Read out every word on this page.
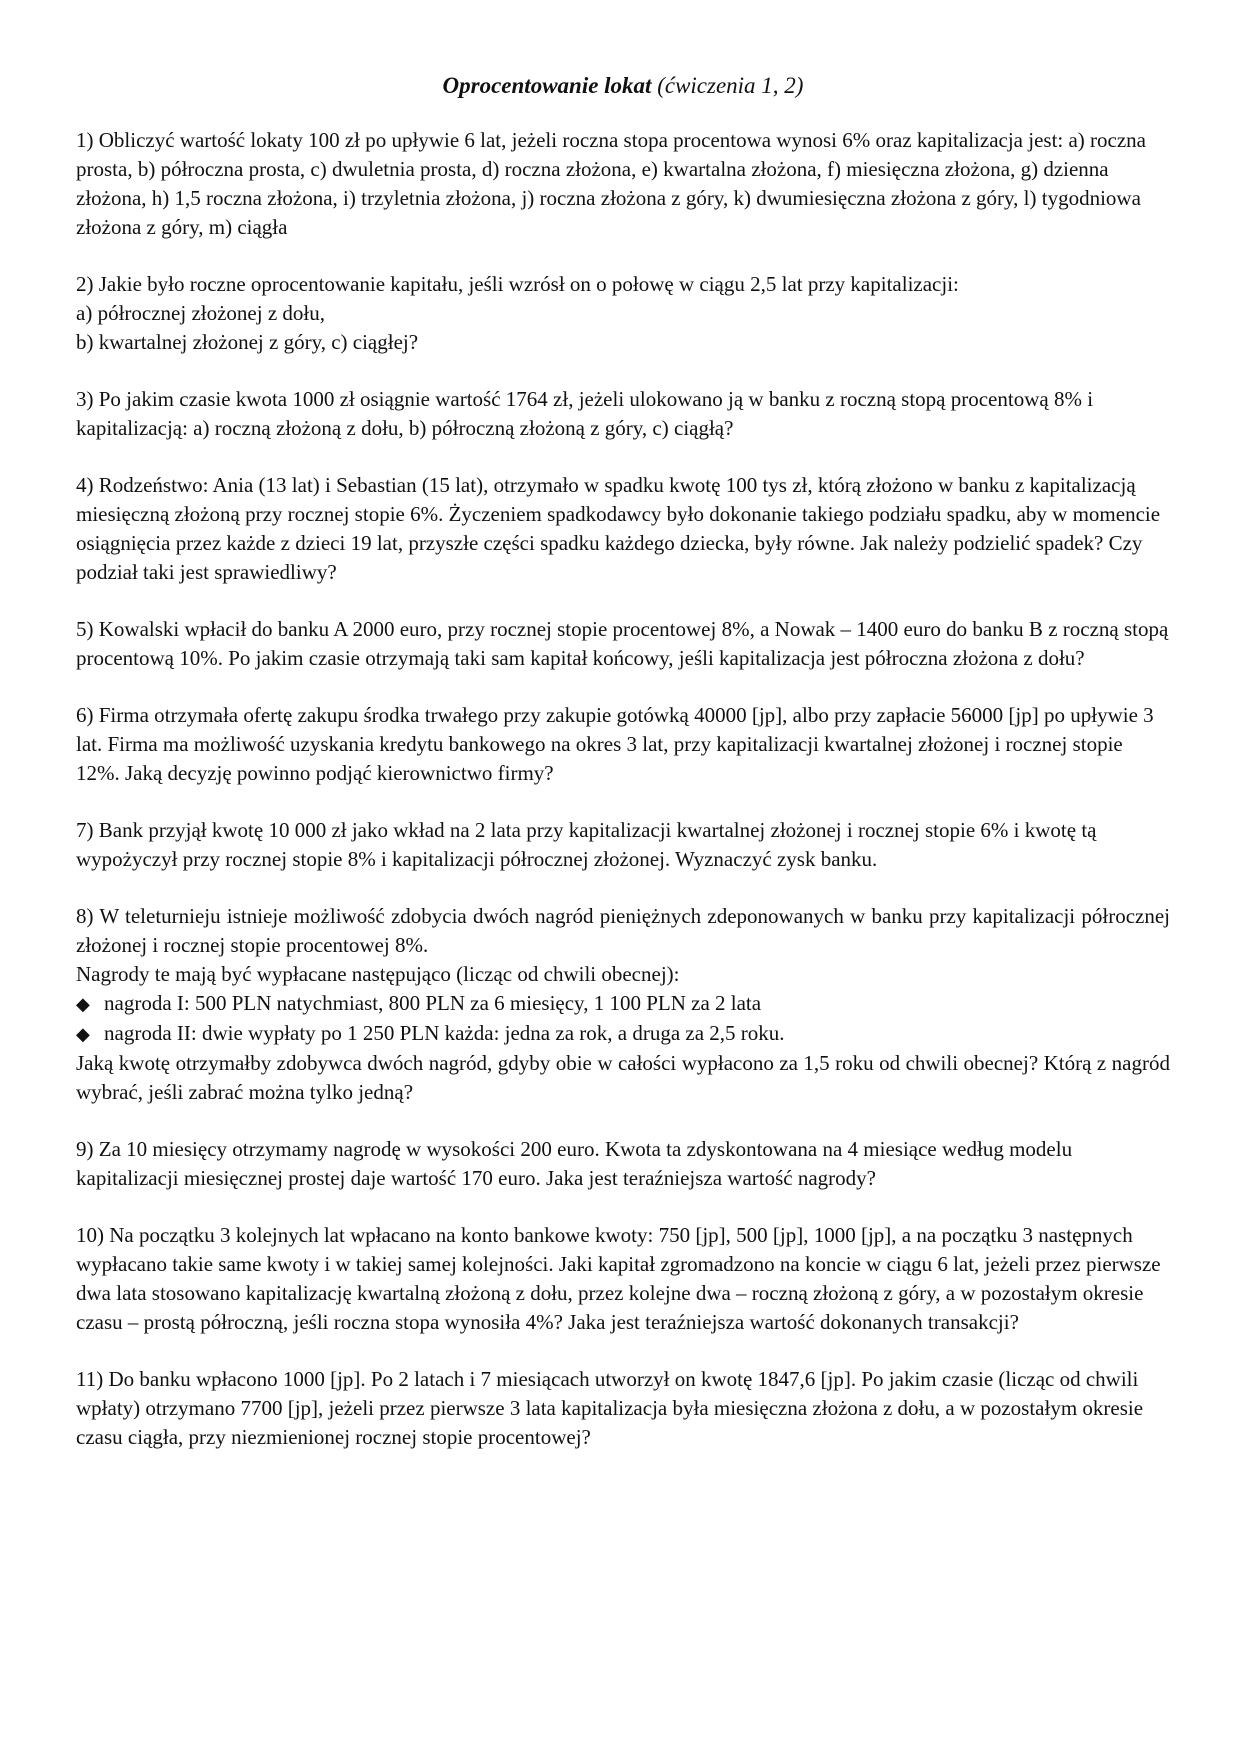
Oprocentowanie lokat (ćwiczenia 1, 2)

1) Obliczyć wartość lokaty 100 zł po upływie 6 lat, jeżeli roczna stopa procentowa wynosi 6% oraz kapitalizacja jest: a) roczna prosta, b) półroczna prosta, c) dwuletnia prosta, d) roczna złożona, e) kwartalna złożona, f) miesięczna złożona, g) dzienna złożona, h) 1,5 roczna złożona, i) trzyletnia złożona, j) roczna złożona z góry, k) dwumiesięczna złożona z góry, l) tygodniowa złożona z góry, m) ciągła

2) Jakie było roczne oprocentowanie kapitału, jeśli wzrósł on o połowę w ciągu 2,5 lat przy kapitalizacji:

a) półrocznej złożonej z dołu,

b) kwartalnej złożonej z góry, c) ciągłej?

3) Po jakim czasie kwota 1000 zł osiągnie wartość 1764 zł, jeżeli ulokowano ją w banku z roczną stopą procentową 8% i kapitalizacją: a) roczną złożoną z dołu, b) półroczną złożoną z góry, c) ciągłą?

4) Rodzeństwo: Ania (13 lat) i Sebastian (15 lat), otrzymało w spadku kwotę 100 tys zł, którą złożono w banku z kapitalizacją miesięczną złożoną przy rocznej stopie 6%. Życzeniem spadkodawcy było dokonanie takiego podziału spadku, aby w momencie osiągnięcia przez każde z dzieci 19 lat, przyszłe części spadku każdego dziecka, były równe. Jak należy podzielić spadek? Czy podział taki jest sprawiedliwy?

5) Kowalski wpłacił do banku A 2000 euro, przy rocznej stopie procentowej 8%, a Nowak – 1400 euro do banku B z roczną stopą procentową 10%. Po jakim czasie otrzymają taki sam kapitał końcowy, jeśli kapitalizacja jest półroczna złożona z dołu?

6) Firma otrzymała ofertę zakupu środka trwałego przy zakupie gotówką 40000 [jp], albo przy zapłacie 56000 [jp] po upływie 3 lat. Firma ma możliwość uzyskania kredytu bankowego na okres 3 lat, przy kapitalizacji kwartalnej złożonej i rocznej stopie 12%. Jaką decyzję powinno podjąć kierownictwo firmy?

7) Bank przyjął kwotę 10 000 zł jako wkład na 2 lata przy kapitalizacji kwartalnej złożonej i rocznej stopie 6% i kwotę tą wypożyczył przy rocznej stopie 8% i kapitalizacji półrocznej złożonej. Wyznaczyć zysk banku.

8) W teleturnieju istnieje możliwość zdobycia dwóch nagród pieniężnych zdeponowanych w banku przy kapitalizacji półrocznej złożonej i rocznej stopie procentowej 8%.

Nagrody te mają być wypłacane następująco (licząc od chwili obecnej):

◆ nagroda I: 500 PLN natychmiast, 800 PLN za 6 miesięcy, 1 100 PLN za 2 lata
◆ nagroda II: dwie wypłaty po 1 250 PLN każda: jedna za rok, a druga za 2,5 roku.

Jaką kwotę otrzymałby zdobywca dwóch nagród, gdyby obie w całości wypłacono za 1,5 roku od chwili obecnej? Którą z nagród wybrać, jeśli zabrać można tylko jedną?

9) Za 10 miesięcy otrzymamy nagrodę w wysokości 200 euro. Kwota ta zdyskontowana na 4 miesiące według modelu kapitalizacji miesięcznej prostej daje wartość 170 euro. Jaka jest teraźniejsza wartość nagrody?

10) Na początku 3 kolejnych lat wpłacano na konto bankowe kwoty: 750 [jp], 500 [jp], 1000 [jp], a na początku 3 następnych wypłacano takie same kwoty i w takiej samej kolejności. Jaki kapitał zgromadzono na koncie w ciągu 6 lat, jeżeli przez pierwsze dwa lata stosowano kapitalizację kwartalną złożoną z dołu, przez kolejne dwa – roczną złożoną z góry, a w pozostałym okresie czasu – prostą półroczną, jeśli roczna stopa wynosiła 4%? Jaka jest teraźniejsza wartość dokonanych transakcji?

11) Do banku wpłacono 1000 [jp]. Po 2 latach i 7 miesiącach utworzył on kwotę 1847,6 [jp]. Po jakim czasie (licząc od chwili wpłaty) otrzymano 7700 [jp], jeżeli przez pierwsze 3 lata kapitalizacja była miesięczna złożona z dołu, a w pozostałym okresie czasu ciągła, przy niezmienionej rocznej stopie procentowej?
